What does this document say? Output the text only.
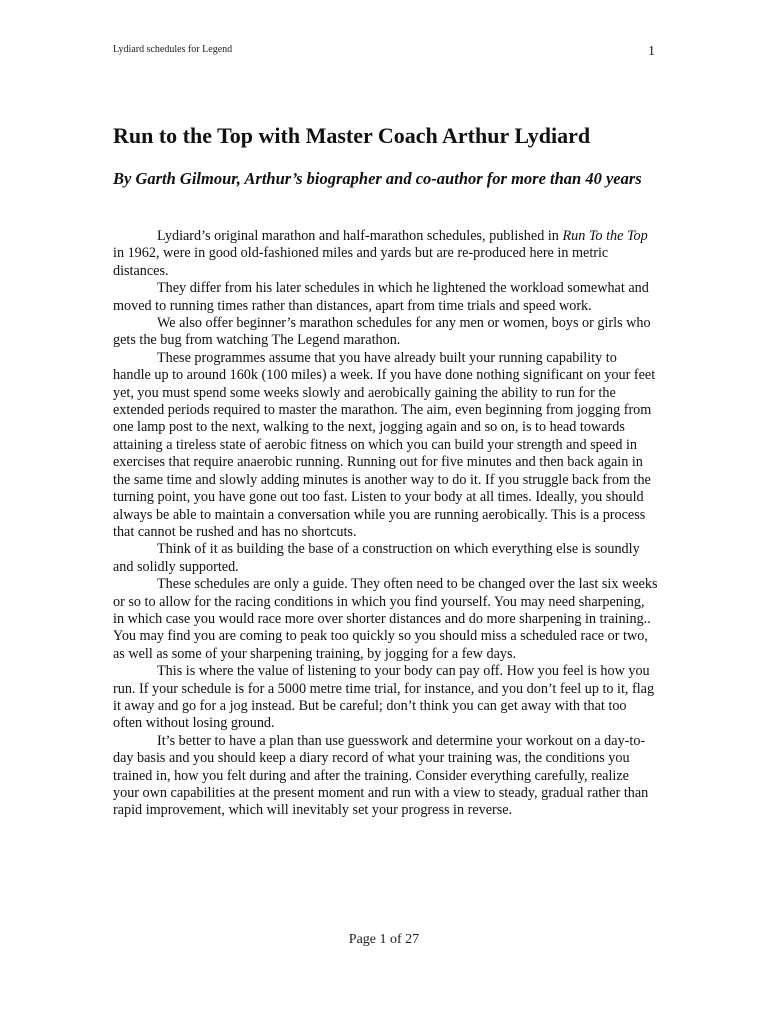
Lydiard schedules for Legend	1
Run to the Top with Master Coach Arthur Lydiard
By Garth Gilmour, Arthur’s biographer and co-author for more than 40 years

Lydiard’s original marathon and half-marathon schedules, published in Run To the Top in 1962, were in good old-fashioned miles and yards but are re-produced here in metric distances.

They differ from his later schedules in which he lightened the workload somewhat and moved to running times rather than distances, apart from time trials and speed work.

We also offer beginner’s marathon schedules for any men or women, boys or girls who gets the bug from watching The Legend marathon.

These programmes assume that you have already built your running capability to handle up to around 160k (100 miles) a week. If you have done nothing significant on your feet yet, you must spend some weeks slowly and aerobically gaining the ability to run for the extended periods required to master the marathon. The aim, even beginning from jogging from one lamp post to the next, walking to the next, jogging again and so on, is to head towards attaining a tireless state of aerobic fitness on which you can build your strength and speed in exercises that require anaerobic running. Running out for five minutes and then back again in the same time and slowly adding minutes is another way to do it. If you struggle back from the turning point, you have gone out too fast. Listen to your body at all times. Ideally, you should always be able to maintain a conversation while you are running aerobically. This is a process that cannot be rushed and has no shortcuts.

Think of it as building the base of a construction on which everything else is soundly and solidly supported.

These schedules are only a guide. They often need to be changed over the last six weeks or so to allow for the racing conditions in which you find yourself. You may need sharpening, in which case you would race more over shorter distances and do more sharpening in training.. You may find you are coming to peak too quickly so you should miss a scheduled race or two, as well as some of your sharpening training, by jogging for a few days.

This is where the value of listening to your body can pay off. How you feel is how you run. If your schedule is for a 5000 metre time trial, for instance, and you don’t feel up to it, flag it away and go for a jog instead. But be careful; don’t think you can get away with that too often without losing ground.

It’s better to have a plan than use guesswork and determine your workout on a day-to-day basis and you should keep a diary record of what your training was, the conditions you trained in, how you felt during and after the training. Consider everything carefully, realize your own capabilities at the present moment and run with a view to steady, gradual rather than rapid improvement, which will inevitably set your progress in reverse.

Page 1 of 27
